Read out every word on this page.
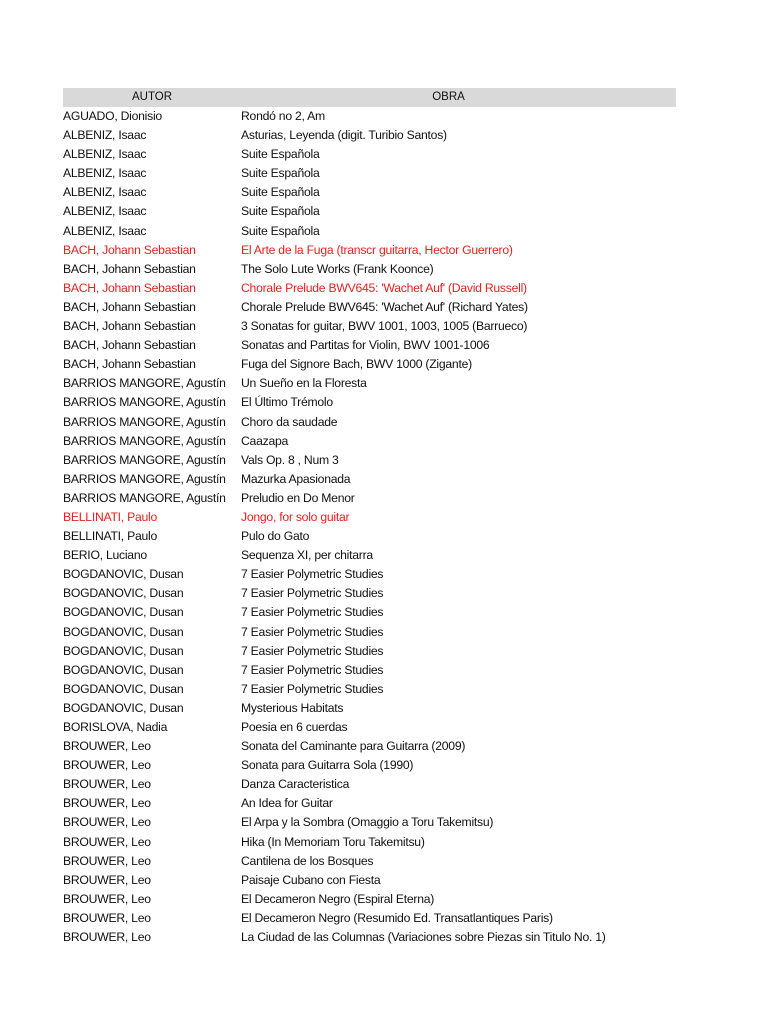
AUTOR	OBRA
AGUADO, Dionisio	Rondó no 2, Am
ALBENIZ, Isaac	Asturias, Leyenda (digit. Turibio Santos)
ALBENIZ, Isaac	Suite Española
ALBENIZ, Isaac	Suite Española
ALBENIZ, Isaac	Suite Española
ALBENIZ, Isaac	Suite Española
ALBENIZ, Isaac	Suite Española
BACH, Johann Sebastian	El Arte de la Fuga (transcr guitarra, Hector Guerrero)
BACH, Johann Sebastian	The Solo Lute Works (Frank Koonce)
BACH, Johann Sebastian	Chorale Prelude BWV645: 'Wachet Auf' (David Russell)
BACH, Johann Sebastian	Chorale Prelude BWV645: 'Wachet Auf' (Richard Yates)
BACH, Johann Sebastian	3 Sonatas for guitar, BWV 1001, 1003, 1005 (Barrueco)
BACH, Johann Sebastian	Sonatas and Partitas for Violin, BWV 1001-1006
BACH, Johann Sebastian	Fuga del Signore Bach, BWV 1000 (Zigante)
BARRIOS MANGORE, Agustín	Un Sueño en la Floresta
BARRIOS MANGORE, Agustín	El Último Trémolo
BARRIOS MANGORE, Agustín	Choro da saudade
BARRIOS MANGORE, Agustín	Caazapa
BARRIOS MANGORE, Agustín	Vals Op. 8 , Num 3
BARRIOS MANGORE, Agustín	Mazurka Apasionada
BARRIOS MANGORE, Agustín	Preludio en Do Menor
BELLINATI, Paulo	Jongo, for solo guitar
BELLINATI, Paulo	Pulo do Gato
BERIO, Luciano	Sequenza XI, per chitarra
BOGDANOVIC, Dusan	7 Easier Polymetric Studies
BOGDANOVIC, Dusan	7 Easier Polymetric Studies
BOGDANOVIC, Dusan	7 Easier Polymetric Studies
BOGDANOVIC, Dusan	7 Easier Polymetric Studies
BOGDANOVIC, Dusan	7 Easier Polymetric Studies
BOGDANOVIC, Dusan	7 Easier Polymetric Studies
BOGDANOVIC, Dusan	7 Easier Polymetric Studies
BOGDANOVIC, Dusan	Mysterious Habitats
BORISLOVA, Nadia	Poesia en 6 cuerdas
BROUWER, Leo	Sonata del Caminante para Guitarra (2009)
BROUWER, Leo	Sonata para Guitarra Sola (1990)
BROUWER, Leo	Danza Caracteristica
BROUWER, Leo	An Idea for Guitar
BROUWER, Leo	El Arpa y la Sombra (Omaggio a Toru Takemitsu)
BROUWER, Leo	Hika (In Memoriam Toru Takemitsu)
BROUWER, Leo	Cantilena de los Bosques
BROUWER, Leo	Paisaje Cubano con Fiesta
BROUWER, Leo	El Decameron Negro (Espiral Eterna)
BROUWER, Leo	El Decameron Negro (Resumido Ed. Transatlantiques Paris)
BROUWER, Leo	La Ciudad de las Columnas (Variaciones sobre Piezas sin Titulo No. 1)
